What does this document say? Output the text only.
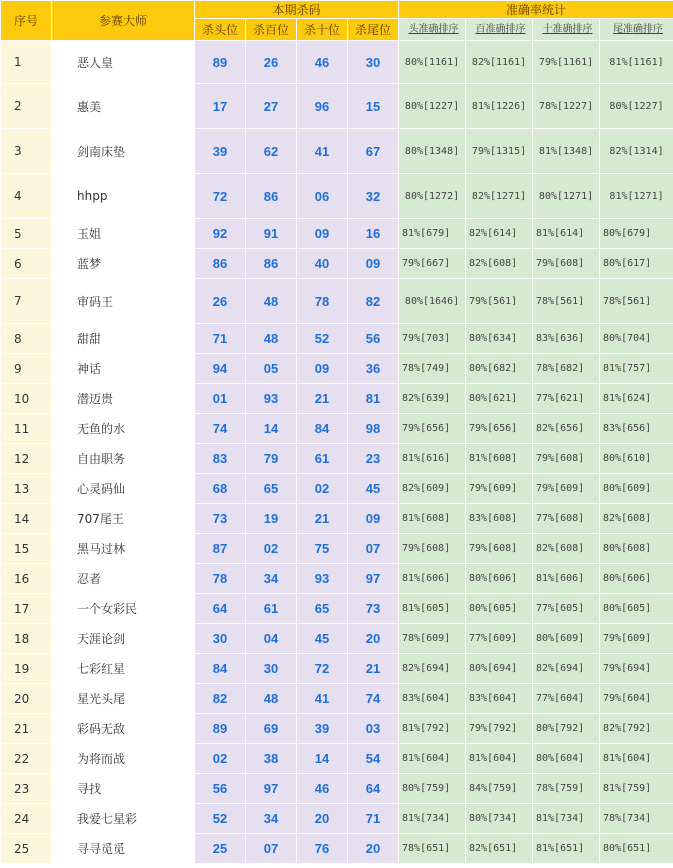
序号	参赛大师	本期杀码				准确率统计			
		杀头位	杀百位	杀十位	杀尾位	头准确排序	百准确排序	十准确排序	尾准确排序
1	恶人皇	89	26	46	30	80%[1161]	82%[1161]	79%[1161]	81%[1161]
2	惠美	17	27	96	15	80%[1227]	81%[1226]	78%[1227]	80%[1227]
3	剑南床垫	39	62	41	67	80%[1348]	79%[1315]	81%[1348]	82%[1314]
4	hhpp	72	86	06	32	80%[1272]	82%[1271]	80%[1271]	81%[1271]
5	玉姐	92	91	09	16	81%[679]	82%[614]	81%[614]	80%[679]
6	蓝梦	86	86	40	09	79%[667]	82%[608]	79%[608]	80%[617]
7	审码王	26	48	78	82	80%[1646]	79%[561]	78%[561]	78%[561]
8	甜甜	71	48	52	56	79%[703]	80%[634]	83%[636]	80%[704]
9	神话	94	05	09	36	78%[749]	80%[682]	78%[682]	81%[757]
10	潜迈贵	01	93	21	81	82%[639]	80%[621]	77%[621]	81%[624]
11	无鱼的水	74	14	84	98	79%[656]	79%[656]	82%[656]	83%[656]
12	自由职务	83	79	61	23	81%[616]	81%[608]	79%[608]	80%[610]
13	心灵码仙	68	65	02	45	82%[609]	79%[609]	79%[609]	80%[609]
14	707尾王	73	19	21	09	81%[608]	83%[608]	77%[608]	82%[608]
15	黑马过林	87	02	75	07	79%[608]	79%[608]	82%[608]	80%[608]
16	忍者	78	34	93	97	81%[606]	80%[606]	81%[606]	80%[606]
17	一个女彩民	64	61	65	73	81%[605]	80%[605]	77%[605]	80%[605]
18	天涯论剑	30	04	45	20	78%[609]	77%[609]	80%[609]	79%[609]
19	七彩红星	84	30	72	21	82%[694]	80%[694]	82%[694]	79%[694]
20	星光头尾	82	48	41	74	83%[604]	83%[604]	77%[604]	79%[604]
21	彩码无敌	89	69	39	03	81%[792]	79%[792]	80%[792]	82%[792]
22	为将而战	02	38	14	54	81%[604]	81%[604]	80%[604]	81%[604]
23	寻找	56	97	46	64	80%[759]	84%[759]	78%[759]	81%[759]
24	我爱七星彩	52	34	20	71	81%[734]	80%[734]	81%[734]	78%[734]
25	寻寻觅觅	25	07	76	20	78%[651]	82%[651]	81%[651]	80%[651]
